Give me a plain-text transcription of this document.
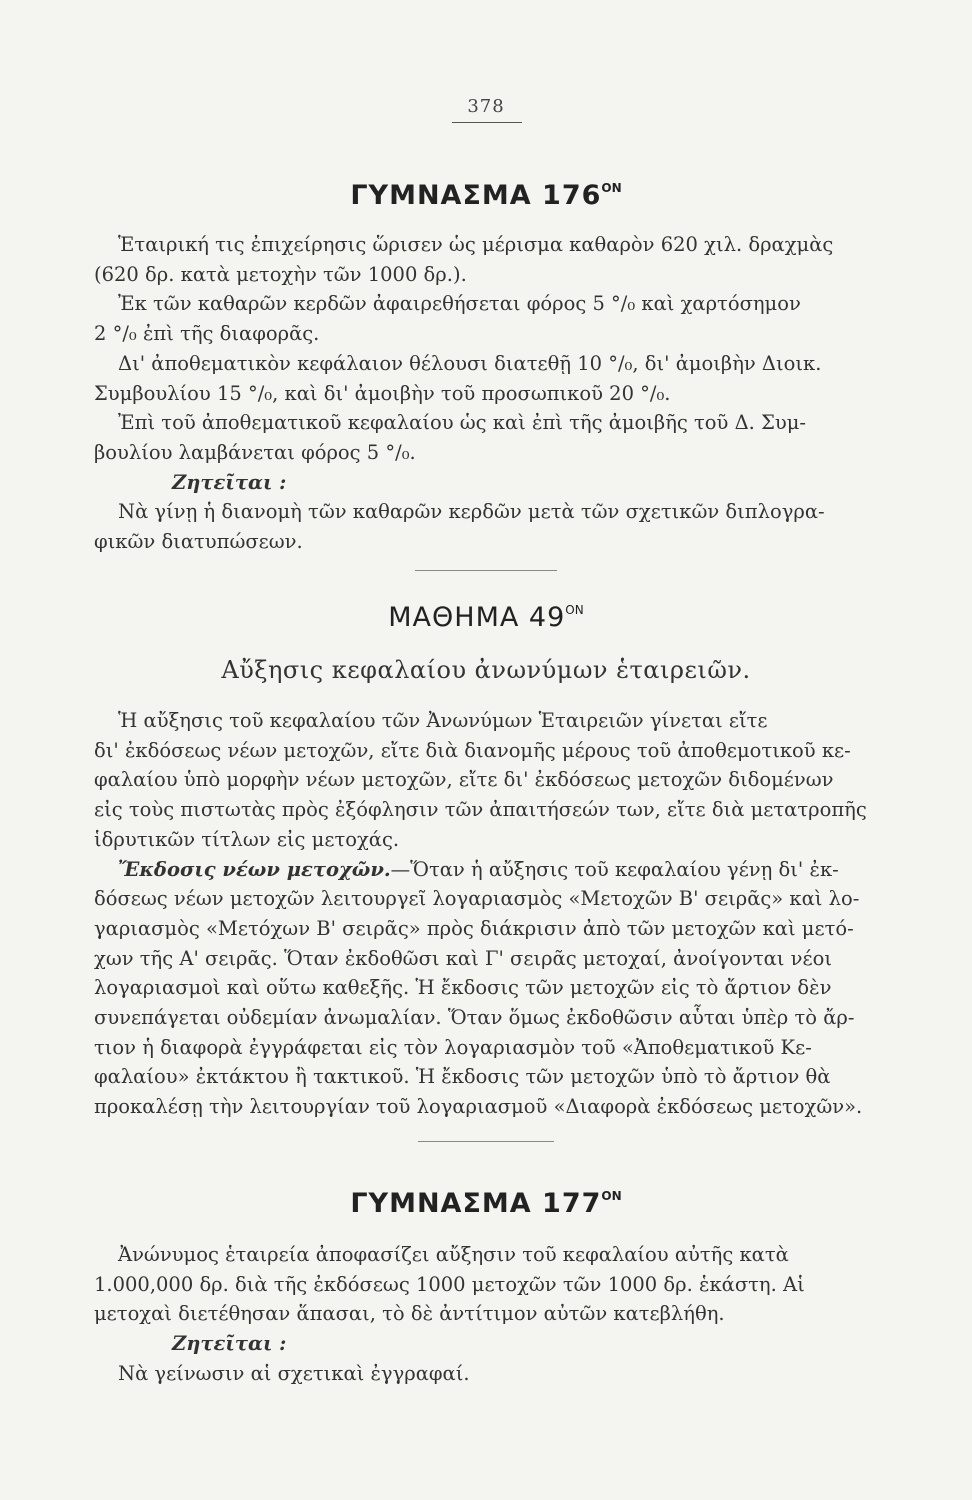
378
ΓΥΜΝΑΣΜΑ $176^{ON}$
Ἑταιρική τις ἐπιχείρησις ὥρισεν ὡς μέρισμα καθαρὸν 620 χιλ. δραχμὰς
(620 δρ. κατὰ μετοχὴν τῶν 1000 δρ.).
Ἐκ τῶν καθαρῶν κερδῶν ἀφαιρεθήσεται φόρος 5 °/₀ καὶ χαρτόσημον
2 °/₀ ἐπὶ τῆς διαφορᾶς.
Δι' ἀποθεματικὸν κεφάλαιον θέλουσι διατεθῇ 10 °/₀, δι' ἀμοιβὴν Διοικ.
Συμβουλίου 15 °/₀, καὶ δι' ἀμοιβὴν τοῦ προσωπικοῦ 20 °/₀.
Ἐπὶ τοῦ ἀποθεματικοῦ κεφαλαίου ὡς καὶ ἐπὶ τῆς ἀμοιβῆς τοῦ Δ. Συμ-
βουλίου λαμβάνεται φόρος 5 °/₀.
Ζητεῖται :
Νὰ γίνῃ ἡ διανομὴ τῶν καθαρῶν κερδῶν μετὰ τῶν σχετικῶν διπλογρα-
φικῶν διατυπώσεων.
ΜΑΘΗΜΑ $49^{ON}$
Αὔξησις κεφαλαίου ἀνωνύμων ἑταιρειῶν.
Ἡ αὔξησις τοῦ κεφαλαίου τῶν Ἀνωνύμων Ἑταιρειῶν γίνεται εἴτε
δι' ἐκδόσεως νέων μετοχῶν, εἴτε διὰ διανομῆς μέρους τοῦ ἀποθεμοτικοῦ κε-
φαλαίου ὑπὸ μορφὴν νέων μετοχῶν, εἴτε δι' ἐκδόσεως μετοχῶν διδομένων
εἰς τοὺς πιστωτὰς πρὸς ἐξόφλησιν τῶν ἀπαιτήσεών των, εἴτε διὰ μετατροπῆς
ἱδρυτικῶν τίτλων εἰς μετοχάς.
Ἔκδοσις νέων μετοχῶν.—Ὅταν ἡ αὔξησις τοῦ κεφαλαίου γένῃ δι' ἐκ-
δόσεως νέων μετοχῶν λειτουργεῖ λογαριασμὸς «Μετοχῶν Β' σειρᾶς» καὶ λο-
γαριασμὸς «Μετόχων Β' σειρᾶς» πρὸς διάκρισιν ἀπὸ τῶν μετοχῶν καὶ μετό-
χων τῆς Α' σειρᾶς. Ὅταν ἐκδοθῶσι καὶ Γ' σειρᾶς μετοχαί, ἀνοίγονται νέοι
λογαριασμοὶ καὶ οὕτω καθεξῆς. Ἡ ἔκδοσις τῶν μετοχῶν εἰς τὸ ἄρτιον δὲν
συνεπάγεται οὐδεμίαν ἀνωμαλίαν. Ὅταν ὅμως ἐκδοθῶσιν αὗται ὑπὲρ τὸ ἄρ-
τιον ἡ διαφορὰ ἐγγράφεται εἰς τὸν λογαριασμὸν τοῦ «Ἀποθεματικοῦ Κε-
φαλαίου» ἐκτάκτου ἢ τακτικοῦ. Ἡ ἔκδοσις τῶν μετοχῶν ὑπὸ τὸ ἄρτιον θὰ
προκαλέσῃ τὴν λειτουργίαν τοῦ λογαριασμοῦ «Διαφορὰ ἐκδόσεως μετοχῶν».
ΓΥΜΝΑΣΜΑ $177^{ON}$
Ἀνώνυμος ἑταιρεία ἀποφασίζει αὔξησιν τοῦ κεφαλαίου αὐτῆς κατὰ
1.000,000 δρ. διὰ τῆς ἐκδόσεως 1000 μετοχῶν τῶν 1000 δρ. ἑκάστη. Αἱ
μετοχαὶ διετέθησαν ἅπασαι, τὸ δὲ ἀντίτιμον αὐτῶν κατεβλήθη.
Ζητεῖται :
Νὰ γείνωσιν αἱ σχετικαὶ ἐγγραφαί.
